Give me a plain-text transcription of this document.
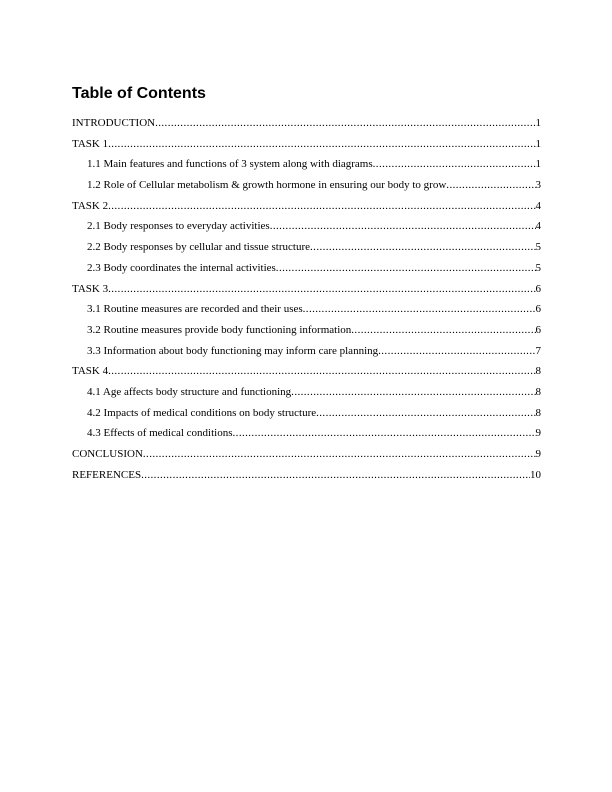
Table of Contents
INTRODUCTION .....	1
TASK 1 .....	1
1.1 Main features and functions of 3 system along with diagrams .....	1
1.2 Role of Cellular metabolism & growth hormone in ensuring our body to grow .....	3
TASK 2 .....	4
2.1 Body responses to everyday activities .....	4
2.2 Body responses by cellular and tissue structure .....	5
2.3 Body coordinates the internal activities .....	5
TASK 3 .....	6
3.1 Routine measures are recorded and their uses .....	6
3.2 Routine measures provide body functioning information .....	6
3.3 Information about body functioning may inform care planning .....	7
TASK 4 .....	8
4.1 Age affects body structure and functioning .....	8
4.2 Impacts of medical conditions on body structure .....	8
4.3 Effects of medical conditions .....	9
CONCLUSION .....	9
REFERENCES .....	10
